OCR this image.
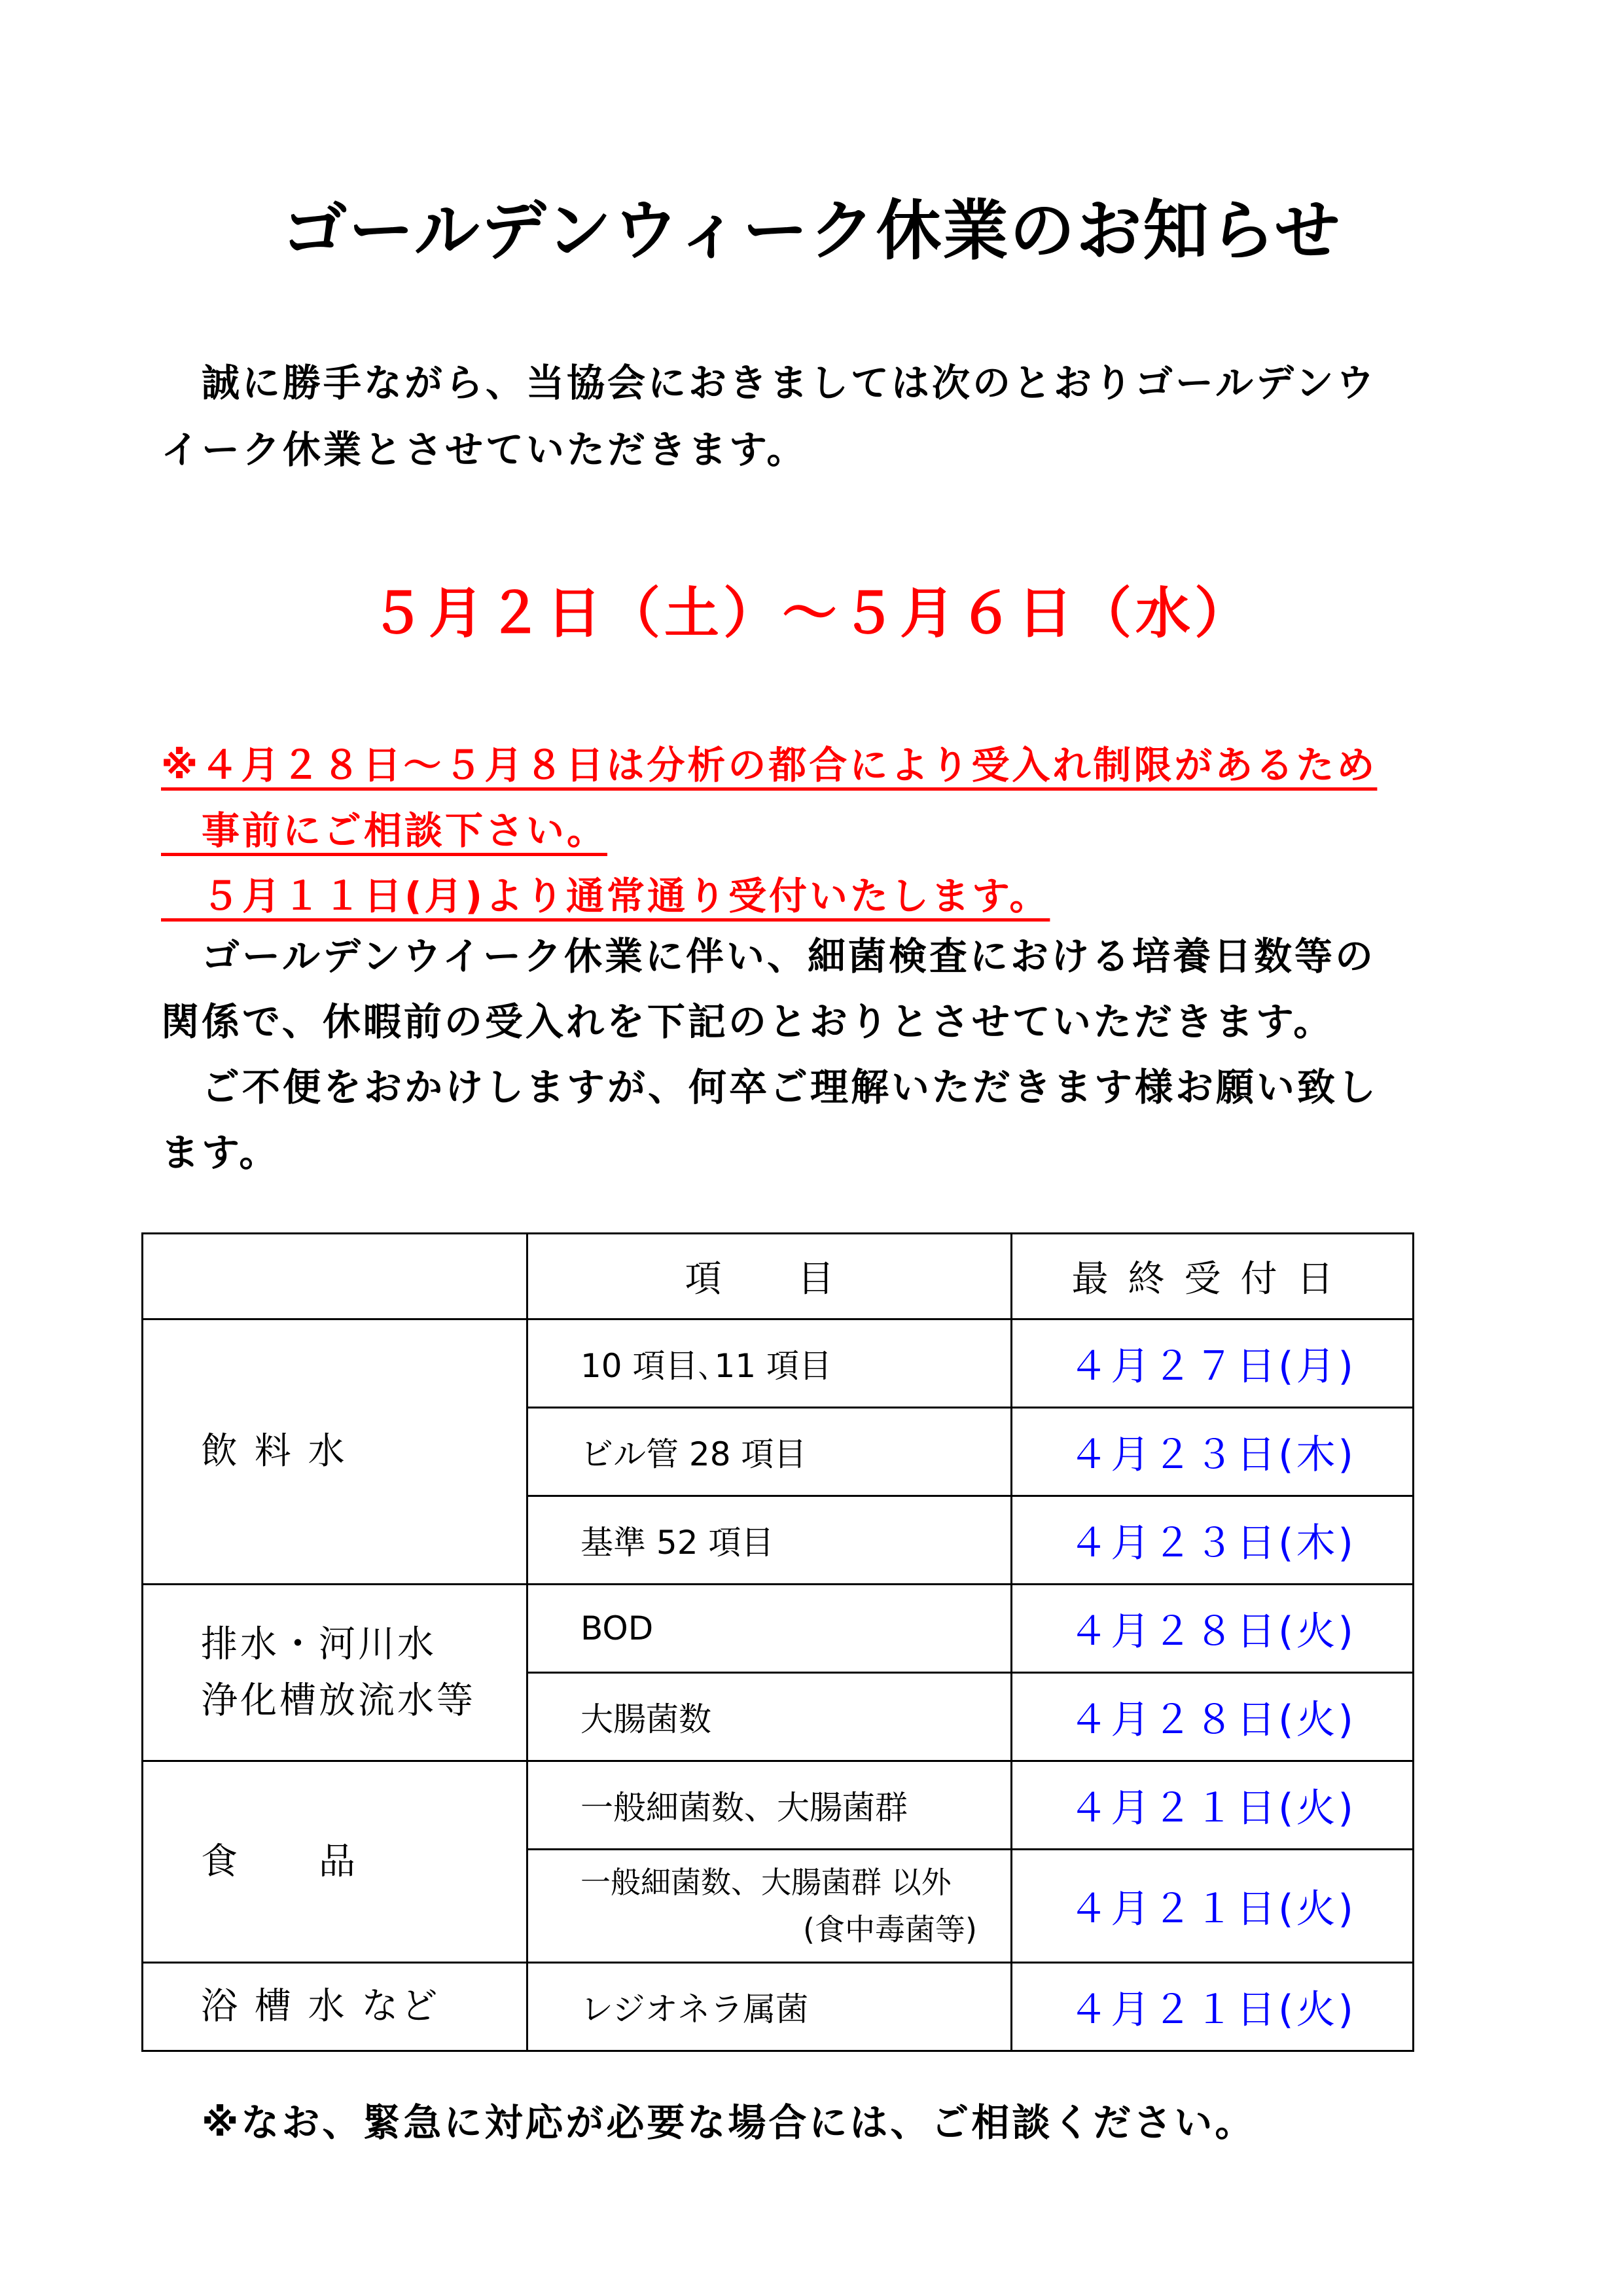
ゴールデンウィーク休業のお知らせ
　誠に勝手ながら、当協会におきましては次のとおりゴールデンウ
イーク休業とさせていただきます。
５月２日（土）～５月６日（水）
※４月２８日～５月８日は分析の都合により受入れ制限があるため
　事前にご相談下さい。
　５月１１日(月)より通常通り受付いたします。
　ゴールデンウイーク休業に伴い、細菌検査における培養日数等の
関係で、休暇前の受入れを下記のとおりとさせていただきます。
　ご不便をおかけしますが、何卒ご理解いただきます様お願い致し
ます。
	項　目	最終受付日
飲 料 水	10 項目､11 項目	４月２７日(月)
	ビル管 28 項目	４月２３日(木)
	基準 52 項目	４月２３日(木)
排水・河川水
浄化槽放流水等	BOD	４月２８日(火)
	大腸菌数	４月２８日(火)
食　　品	一般細菌数、大腸菌群	４月２１日(火)
	一般細菌数、大腸菌群 以外
(食中毒菌等)	４月２１日(火)
浴 槽 水 など	レジオネラ属菌	４月２１日(火)
　※なお、緊急に対応が必要な場合には、ご相談ください。
